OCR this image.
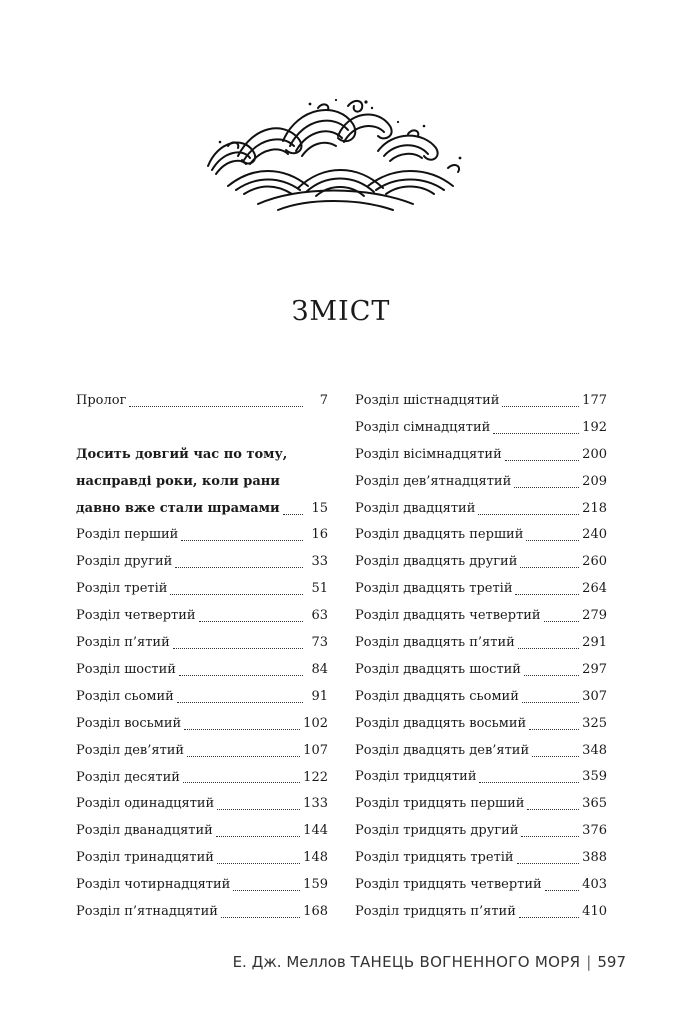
ЗМІСТ
Пролог	7
Досить довгий час по тому,
насправді роки, коли рани
давно вже стали шрамами	15
Розділ перший	16
Розділ другий	33
Розділ третій	51
Розділ четвертий	63
Розділ п’ятий	73
Розділ шостий	84
Розділ сьомий	91
Розділ восьмий	102
Розділ дев’ятий	107
Розділ десятий	122
Розділ одинадцятий	133
Розділ дванадцятий	144
Розділ тринадцятий	148
Розділ чотирнадцятий	159
Розділ п’ятнадцятий	168
Розділ шістнадцятий	177
Розділ сімнадцятий	192
Розділ вісімнадцятий	200
Розділ дев’ятнадцятий	209
Розділ двадцятий	218
Розділ двадцять перший	240
Розділ двадцять другий	260
Розділ двадцять третій	264
Розділ двадцять четвертий	279
Розділ двадцять п’ятий	291
Розділ двадцять шостий	297
Розділ двадцять сьомий	307
Розділ двадцять восьмий	325
Розділ двадцять дев’ятий	348
Розділ тридцятий	359
Розділ тридцять перший	365
Розділ тридцять другий	376
Розділ тридцять третій	388
Розділ тридцять четвертий	403
Розділ тридцять п’ятий	410
Е. Дж. Меллов ТАНЕЦЬ ВОГНЕННОГО МОРЯ | 597
